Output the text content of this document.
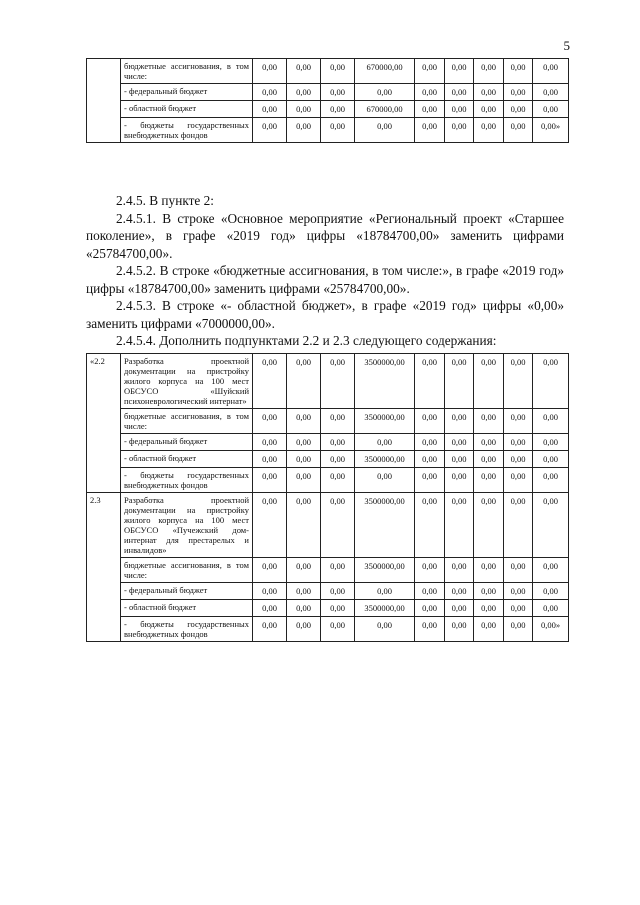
5
	бюджетные ассигнования, в том числе:	0,00	0,00	0,00	670000,00	0,00	0,00	0,00	0,00	0,00
	- федеральный бюджет	0,00	0,00	0,00	0,00	0,00	0,00	0,00	0,00	0,00
	- областной бюджет	0,00	0,00	0,00	670000,00	0,00	0,00	0,00	0,00	0,00
	- бюджеты государственных внебюджетных фондов	0,00	0,00	0,00	0,00	0,00	0,00	0,00	0,00	0,00»

2.4.5. В пункте 2:

2.4.5.1. В строке «Основное мероприятие «Региональный проект «Старшее поколение», в графе «2019 год» цифры «18784700,00» заменить цифрами «25784700,00».

2.4.5.2. В строке «бюджетные ассигнования, в том числе:», в графе «2019 год» цифры «18784700,00» заменить цифрами «25784700,00».

2.4.5.3. В строке «- областной бюджет», в графе «2019 год» цифры «0,00» заменить цифрами «7000000,00».

2.4.5.4. Дополнить подпунктами 2.2 и 2.3 следующего содержания:

«2.2	Разработка проектной документации на пристройку жилого корпуса на 100 мест ОБСУСО «Шуйский психоневрологический интернат»	0,00	0,00	0,00	3500000,00	0,00	0,00	0,00	0,00	0,00
	бюджетные ассигнования, в том числе:	0,00	0,00	0,00	3500000,00	0,00	0,00	0,00	0,00	0,00
	- федеральный бюджет	0,00	0,00	0,00	0,00	0,00	0,00	0,00	0,00	0,00
	- областной бюджет	0,00	0,00	0,00	3500000,00	0,00	0,00	0,00	0,00	0,00
	- бюджеты государственных внебюджетных фондов	0,00	0,00	0,00	0,00	0,00	0,00	0,00	0,00	0,00
2.3	Разработка проектной документации на пристройку жилого корпуса на 100 мест ОБСУСО «Пучежский дом-интернат для престарелых и инвалидов»	0,00	0,00	0,00	3500000,00	0,00	0,00	0,00	0,00	0,00
	бюджетные ассигнования, в том числе:	0,00	0,00	0,00	3500000,00	0,00	0,00	0,00	0,00	0,00
	- федеральный бюджет	0,00	0,00	0,00	0,00	0,00	0,00	0,00	0,00	0,00
	- областной бюджет	0,00	0,00	0,00	3500000,00	0,00	0,00	0,00	0,00	0,00
	- бюджеты государственных внебюджетных фондов	0,00	0,00	0,00	0,00	0,00	0,00	0,00	0,00	0,00»
